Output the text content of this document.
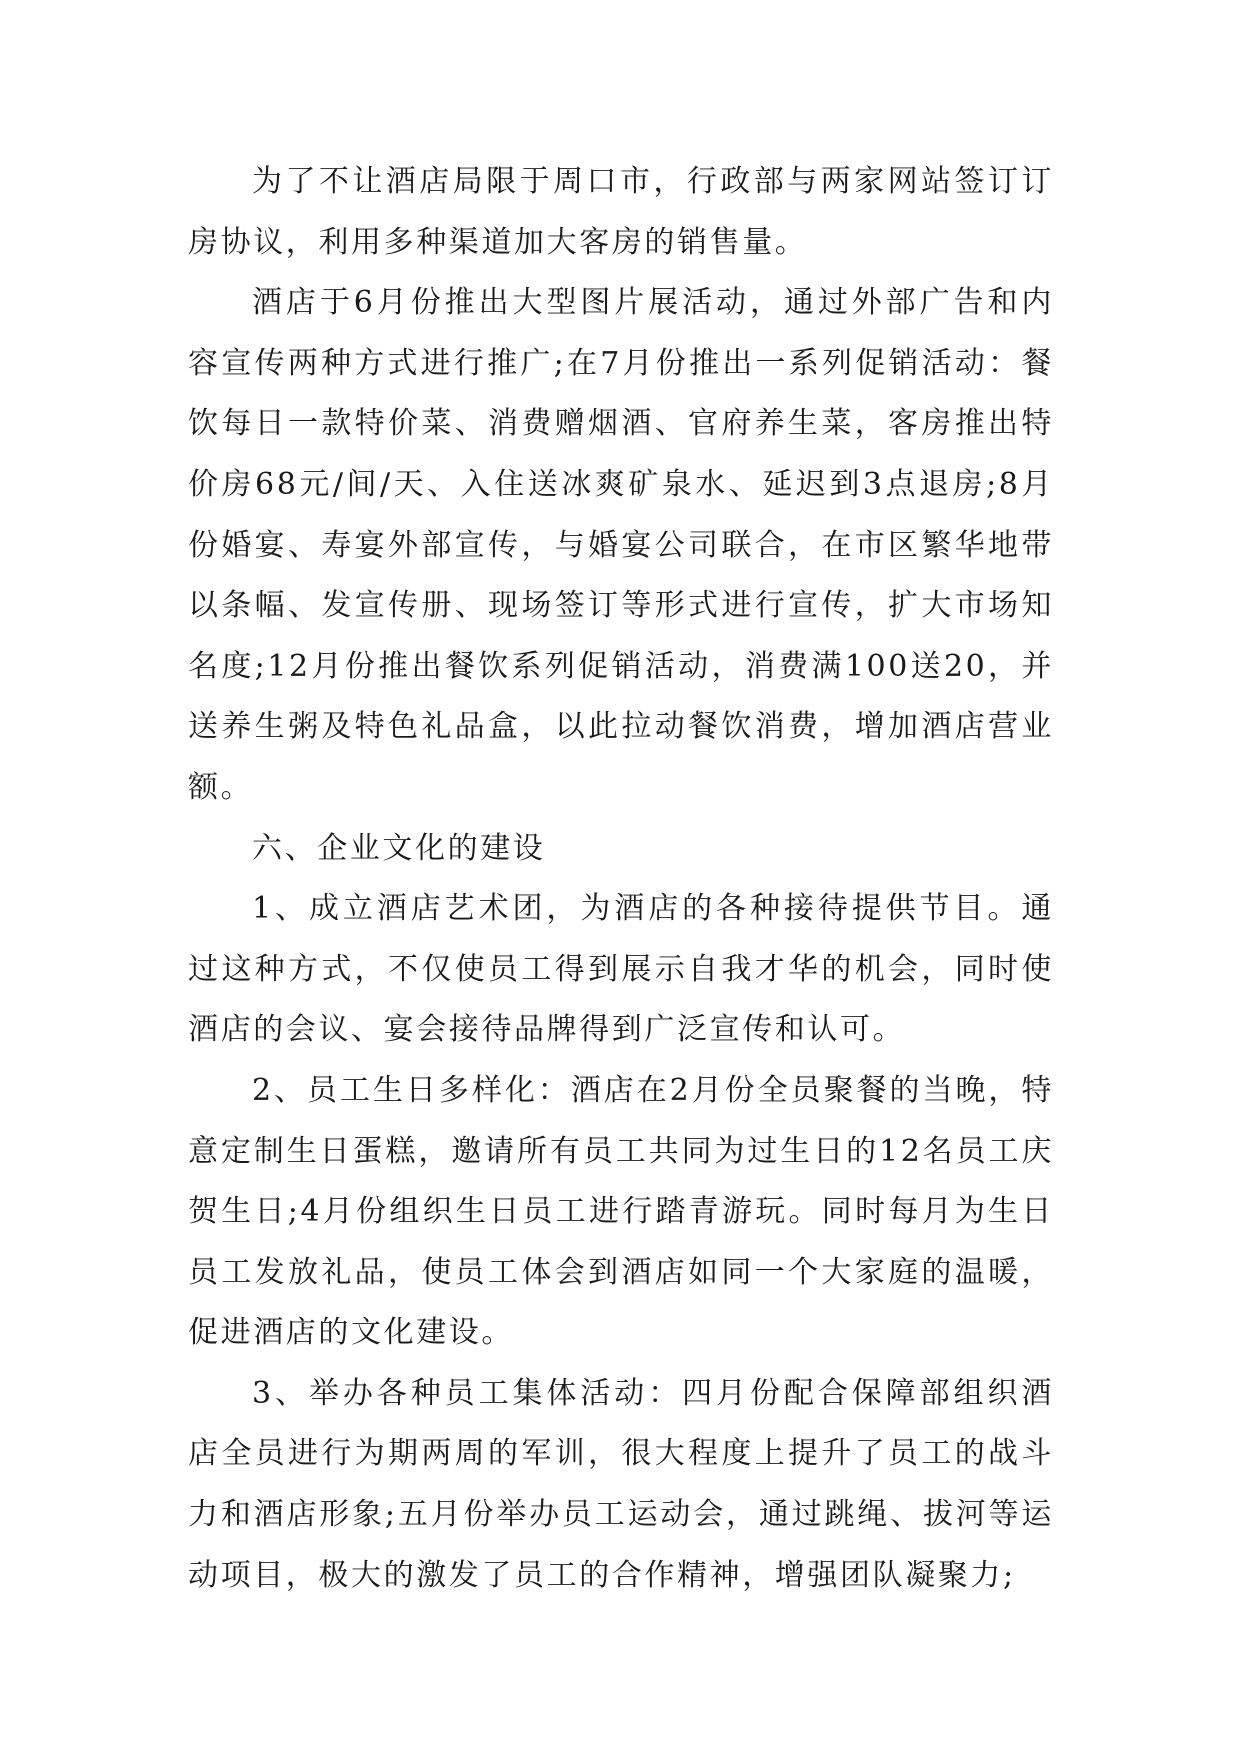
为了不让酒店局限于周口市，行政部与两家网站签订订房协议，利用多种渠道加大客房的销售量。

酒店于6月份推出大型图片展活动，通过外部广告和内容宣传两种方式进行推广;在7月份推出一系列促销活动：餐饮每日一款特价菜、消费赠烟酒、官府养生菜，客房推出特价房68元/间/天、入住送冰爽矿泉水、延迟到3点退房;8月份婚宴、寿宴外部宣传，与婚宴公司联合，在市区繁华地带以条幅、发宣传册、现场签订等形式进行宣传，扩大市场知名度;12月份推出餐饮系列促销活动，消费满100送20，并送养生粥及特色礼品盒，以此拉动餐饮消费，增加酒店营业额。

六、企业文化的建设

1、成立酒店艺术团，为酒店的各种接待提供节目。通过这种方式，不仅使员工得到展示自我才华的机会，同时使酒店的会议、宴会接待品牌得到广泛宣传和认可。

2、员工生日多样化：酒店在2月份全员聚餐的当晚，特意定制生日蛋糕，邀请所有员工共同为过生日的12名员工庆贺生日;4月份组织生日员工进行踏青游玩。同时每月为生日员工发放礼品，使员工体会到酒店如同一个大家庭的温暖，促进酒店的文化建设。

3、举办各种员工集体活动：四月份配合保障部组织酒店全员进行为期两周的军训，很大程度上提升了员工的战斗力和酒店形象;五月份举办员工运动会，通过跳绳、拔河等运动项目，极大的激发了员工的合作精神，增强团队凝聚力;
